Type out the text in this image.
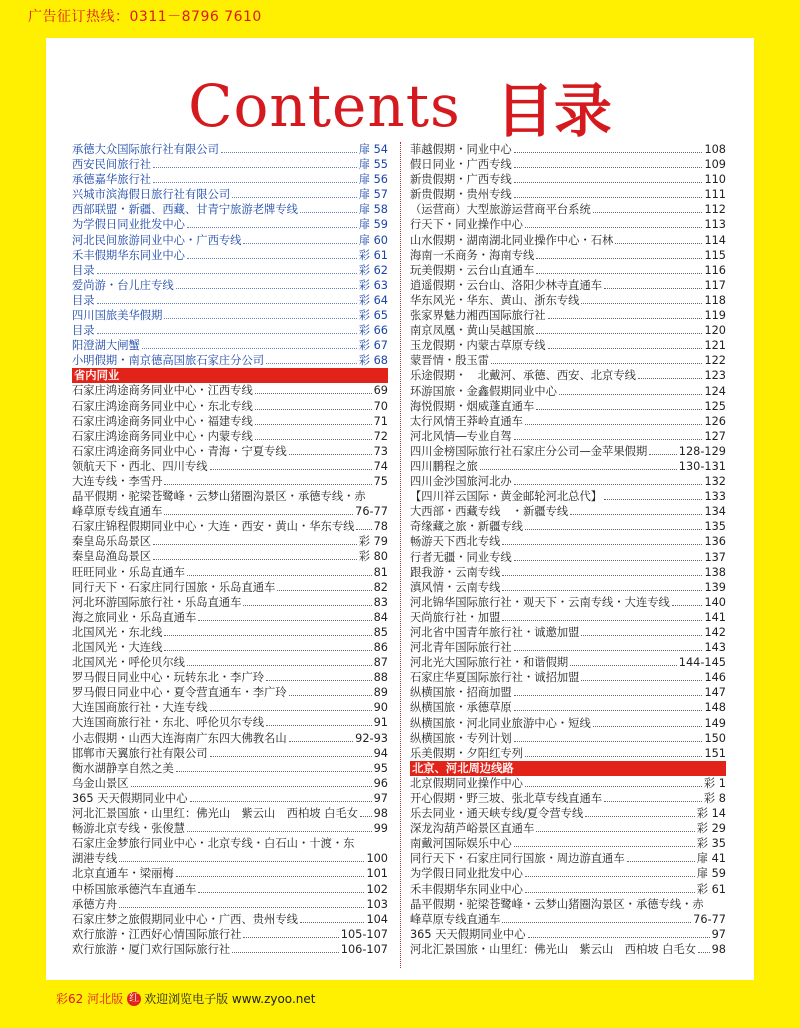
广告征订热线：0311－8796 7610
Contents 目录
承德大众国际旅行社有限公司	扉 54
西安民间旅行社	扉 55
承德嘉华旅行社	扉 56
兴城市滨海假日旅行社有限公司	扉 57
西部联盟・新疆、西藏、甘青宁旅游老牌专线	扉 58
为学假日同业批发中心	扉 59
河北民间旅游同业中心・广西专线	扉 60
禾丰假期华东同业中心	彩 61
目录	彩 62
爱尚游・台儿庄专线	彩 63
目录	彩 64
四川国旅美华假期	彩 65
目录	彩 66
阳澄湖大闸蟹	彩 67
小明假期・南京德高国旅石家庄分公司	彩 68
省内同业
石家庄鸿途商务同业中心・江西专线	69
石家庄鸿途商务同业中心・东北专线	70
石家庄鸿途商务同业中心・福建专线	71
石家庄鸿途商务同业中心・内蒙专线	72
石家庄鸿途商务同业中心・青海・宁夏专线	73
领航天下・西北、四川专线	74
大连专线・李雪丹	75
晶平假期・驼梁苍鹭峰・云梦山猪圈沟景区・承德专线・赤
峰草原专线直通车	76-77
石家庄锦程假期同业中心・大连・西安・黄山・华东专线 78
秦皇岛乐岛景区	彩 79
秦皇岛渔岛景区	彩 80
旺旺同业・乐岛直通车	81
同行天下・石家庄同行国旅・乐岛直通车	82
河北环游国际旅行社・乐岛直通车	83
海之旅同业・乐岛直通车	84
北国风光・东北线	85
北国风光・大连线	86
北国风光・呼伦贝尔线	87
罗马假日同业中心・玩转东北・李广玲	88
罗马假日同业中心・夏令营直通车・李广玲	89
大连国商旅行社・大连专线	90
大连国商旅行社・东北、呼伦贝尔专线	91
小志假期・山西大连海南广东四大佛教名山	92-93
邯郸市天翼旅行社有限公司	94
衡水湖静享自然之美	95
乌金山景区	96
365 天天假期同业中心	97
河北汇景国旅・山里红：佛光山　紫云山　西柏坡 白毛女 98
畅游北京专线・张俊慧	99
石家庄金梦旅行同业中心・北京专线・白石山・十渡・东
湖港专线	100
北京直通车・梁丽梅	101
中桥国旅承德汽车直通车	102
承德方舟	103
石家庄梦之旅假期同业中心・广西、贵州专线	104
欢行旅游・江西好心情国际旅行社	105-107
欢行旅游・厦门欢行国际旅行社	106-107
菲越假期・同业中心	108
假日同业・广西专线	109
新贵假期・广西专线	110
新贵假期・贵州专线	111
（运营商）大型旅游运营商平台系统	112
行天下・同业操作中心	113
山水假期・湖南湖北同业操作中心・石林	114
海南一禾商务・海南专线	115
玩美假期・云台山直通车	116
逍遥假期・云台山、洛阳少林寺直通车	117
华东风光・华东、黄山、浙东专线	118
张家界魅力湘西国际旅行社	119
南京凤凰・黄山吴越国旅	120
玉龙假期・内蒙古草原专线	121
蒙晋情・殷玉雷	122
乐途假期・　北戴河、承德、西安、北京专线	123
环游国旅・金鑫假期同业中心	124
海悦假期・烟威蓬直通车	125
太行风情王莽岭直通车	126
河北风情―专业自驾	127
四川金榜国际旅行社石家庄分公司—金苹果假期	128-129
四川鹏程之旅	130-131
四川金沙国旅河北办	132
【四川祥云国际・黄金邮轮河北总代】	133
大西部・西藏专线　・新疆专线	134
奇缘藏之旅・新疆专线	135
畅游天下西北专线	136
行者无疆・同业专线	137
跟我游・云南专线	138
滇风情・云南专线	139
河北锦华国际旅行社・观天下・云南专线・大连专线	140
天尚旅行社・加盟	141
河北省中国青年旅行社・诚邀加盟	142
河北青年国际旅行社	143
河北光大国际旅行社・和谐假期	144-145
石家庄华夏国际旅行社・诚招加盟	146
纵横国旅・招商加盟	147
纵横国旅・承德草原	148
纵横国旅・河北同业旅游中心・短线	149
纵横国旅・专列计划	150
乐美假期・夕阳红专列	151
北京、河北周边线路
北京假期同业操作中心	彩 1
开心假期・野三坡、张北草专线直通车	彩 8
乐去同业・通天峡专线/夏令营专线	彩 14
深龙沟葫芦峪景区直通车	彩 29
南戴河国际娱乐中心	彩 35
同行天下・石家庄同行国旅・周边游直通车	扉 41
为学假日同业批发中心	扉 59
禾丰假期华东同业中心	彩 61
晶平假期・驼梁苍鹭峰・云梦山猪圈沟景区・承德专线・赤
峰草原专线直通车	76-77
365 天天假期同业中心	97
河北汇景国旅・山里红：佛光山　紫云山　西柏坡 白毛女 98
彩62 河北版 红 欢迎浏览电子版 www.zyoo.net
